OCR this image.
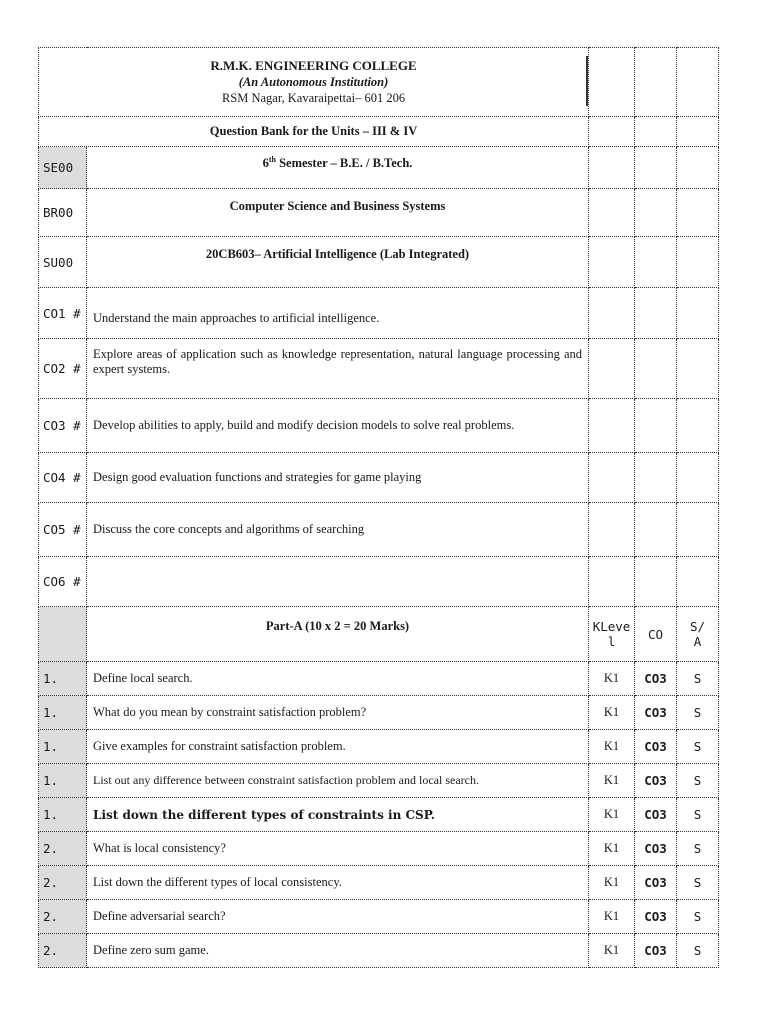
R.M.K. ENGINEERING COLLEGE
(An Autonomous Institution)
RSM Nagar, Kavaraipettai– 601 206				

Question Bank for the Units – III & IV				
SE00	6th Semester – B.E. / B.Tech.			
BR00	Computer Science and Business Systems			
SU00	20CB603– Artificial Intelligence (Lab Integrated)			
CO1 #	Understand the main approaches to artificial intelligence.			
CO2 #	Explore areas of application such as knowledge representation, natural language processing and expert systems.			
CO3 #	Develop abilities to apply, build and modify decision models to solve real problems.			
CO4 #	Design good evaluation functions and strategies for game playing			
CO5 #	Discuss the core concepts and algorithms of searching			
CO6 #				
	Part-A (10 x 2 = 20 Marks)	KLevel	CO	S/A
1.	Define local search.	K1	CO3	S
1.	What do you mean by constraint satisfaction problem?	K1	CO3	S
1.	Give examples for constraint satisfaction problem.	K1	CO3	S
1.	List out any difference between constraint satisfaction problem and local search.	K1	CO3	S
1.	List down the different types of constraints in CSP.	K1	CO3	S
2.	What is local consistency?	K1	CO3	S
2.	List down the different types of local consistency.	K1	CO3	S
2.	Define adversarial search?	K1	CO3	S
2.	Define zero sum game.	K1	CO3	S
